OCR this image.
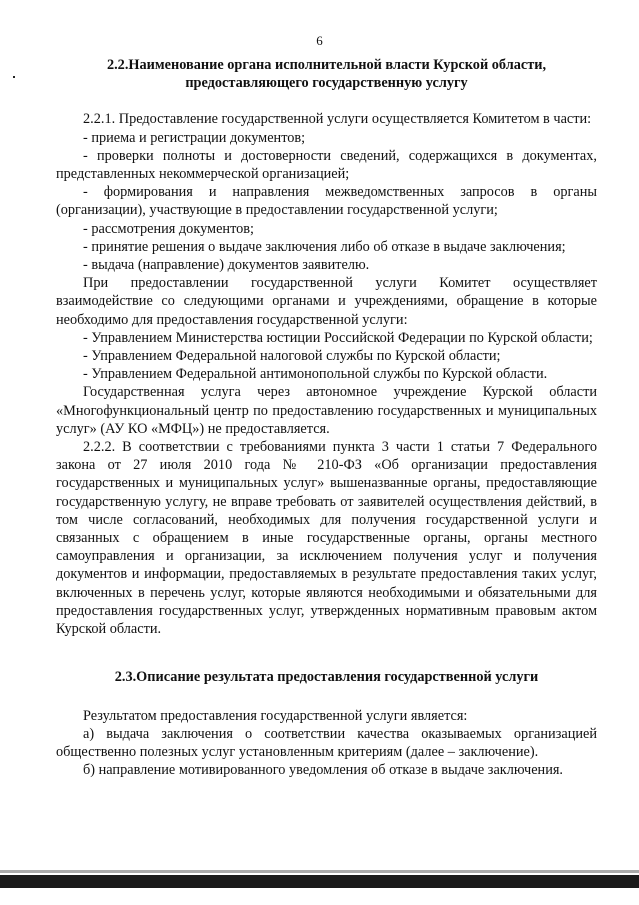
6
2.2.Наименование органа исполнительной власти Курской области,
предоставляющего государственную услугу

2.2.1. Предоставление государственной услуги осуществляется Комитетом в части:

- приема и регистрации документов;

- проверки полноты и достоверности сведений, содержащихся в документах, представленных некоммерческой организацией;

- формирования и направления межведомственных запросов в органы (организации), участвующие в предоставлении государственной услуги;

- рассмотрения документов;

- принятие решения о выдаче заключения либо об отказе в выдаче заключения;

- выдача (направление) документов заявителю.

При предоставлении государственной услуги Комитет осуществляет взаимодействие со следующими органами и учреждениями, обращение в которые необходимо для предоставления государственной услуги:

- Управлением Министерства юстиции Российской Федерации по Курской области;

- Управлением Федеральной налоговой службы по Курской области;

- Управлением Федеральной антимонопольной службы по Курской области.

Государственная услуга через автономное учреждение Курской области «Многофункциональный центр по предоставлению государственных и муниципальных услуг» (АУ КО «МФЦ») не предоставляется.

2.2.2. В соответствии с требованиями пункта 3 части 1 статьи 7 Федерального закона от 27 июля 2010 года № 210-ФЗ «Об организации предоставления государственных и муниципальных услуг» вышеназванные органы, предоставляющие государственную услугу, не вправе требовать от заявителей осуществления действий, в том числе согласований, необходимых для получения государственной услуги и связанных с обращением в иные государственные органы, органы местного самоуправления и организации, за исключением получения услуг и получения документов и информации, предоставляемых в результате предоставления таких услуг, включенных в перечень услуг, которые являются необходимыми и обязательными для предоставления государственных услуг, утвержденных нормативным правовым актом Курской области.

2.3.Описание результата предоставления государственной услуги

Результатом предоставления государственной услуги является:

а) выдача заключения о соответствии качества оказываемых организацией общественно полезных услуг установленным критериям (далее – заключение).

б) направление мотивированного уведомления об отказе в выдаче заключения.
